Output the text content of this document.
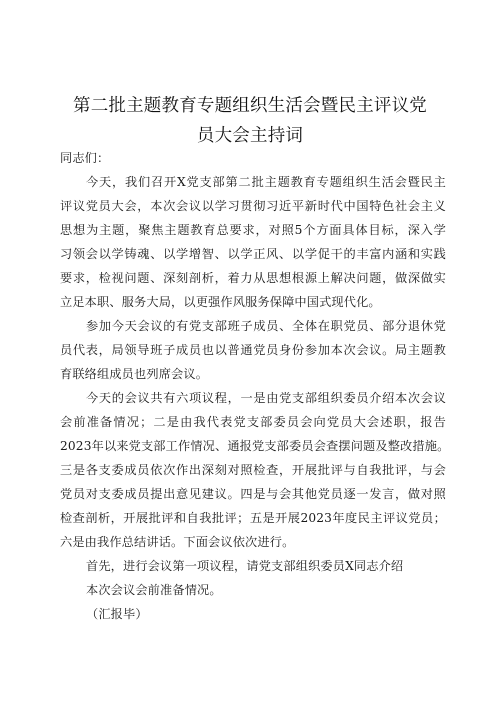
第二批主题教育专题组织生活会暨民主评议党
员大会主持词
同志们：
今天，我们召开X党支部第二批主题教育专题组织生活会暨民主
评议党员大会，本次会议以学习贯彻习近平新时代中国特色社会主义
思想为主题，聚焦主题教育总要求，对照5个方面具体目标，深入学
习领会以学铸魂、以学增智、以学正风、以学促干的丰富内涵和实践
要求，检视问题、深刻剖析，着力从思想根源上解决问题，做深做实
立足本职、服务大局，以更强作风服务保障中国式现代化。
参加今天会议的有党支部班子成员、全体在职党员、部分退休党
员代表，局领导班子成员也以普通党员身份参加本次会议。局主题教
育联络组成员也列席会议。
今天的会议共有六项议程，一是由党支部组织委员介绍本次会议
会前准备情况；二是由我代表党支部委员会向党员大会述职，报告
2023年以来党支部工作情况、通报党支部委员会查摆问题及整改措施。
三是各支委成员依次作出深刻对照检查，开展批评与自我批评，与会
党员对支委成员提出意见建议。四是与会其他党员逐一发言，做对照
检查剖析，开展批评和自我批评；五是开展2023年度民主评议党员；
六是由我作总结讲话。下面会议依次进行。
首先，进行会议第一项议程，请党支部组织委员X同志介绍
本次会议会前准备情况。
（汇报毕）
